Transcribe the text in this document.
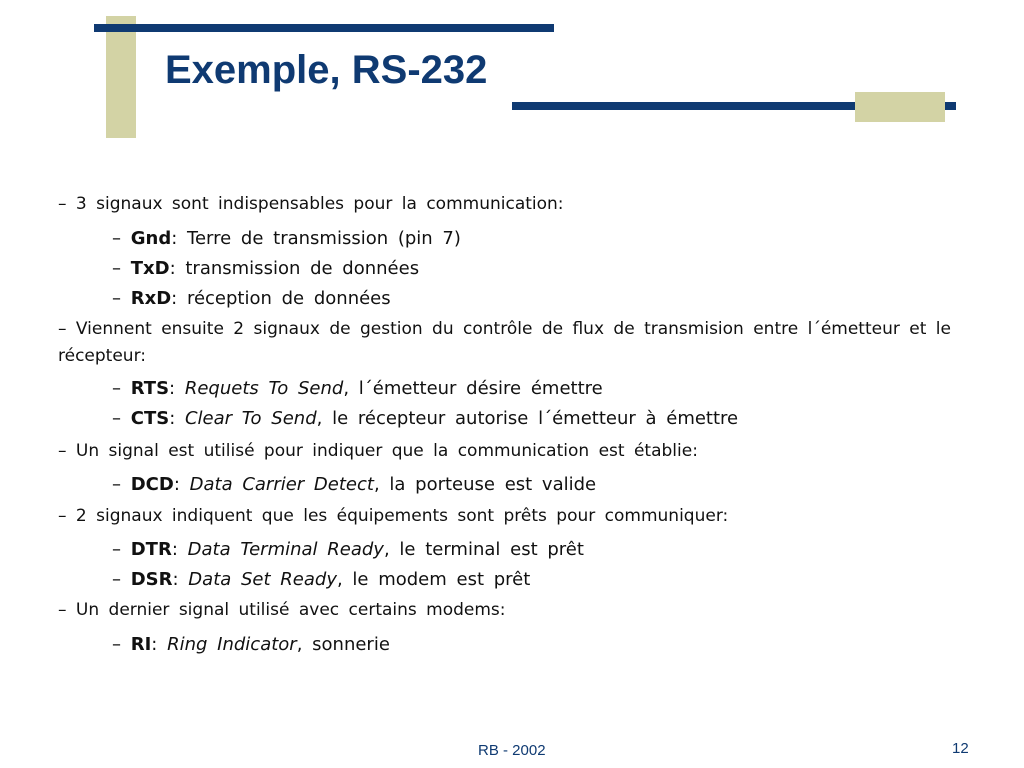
Exemple, RS-232
– 3 signaux sont indispensables pour la communication:
– Gnd: Terre de transmission (pin 7)
– TxD: transmission de données
– RxD: réception de données
– Viennent ensuite 2 signaux de gestion du contrôle de flux de transmision entre l´émetteur et le récepteur:
– RTS: Requets To Send, l´émetteur désire émettre
– CTS: Clear To Send, le récepteur autorise l´émetteur à émettre
– Un signal est utilisé pour indiquer que la communication est établie:
– DCD: Data Carrier Detect, la porteuse est valide
– 2 signaux indiquent que les équipements sont prêts pour communiquer:
– DTR: Data Terminal Ready, le terminal est prêt
– DSR: Data Set Ready, le modem est prêt
– Un dernier signal utilisé avec certains modems:
– RI: Ring Indicator, sonnerie
RB - 2002	12
